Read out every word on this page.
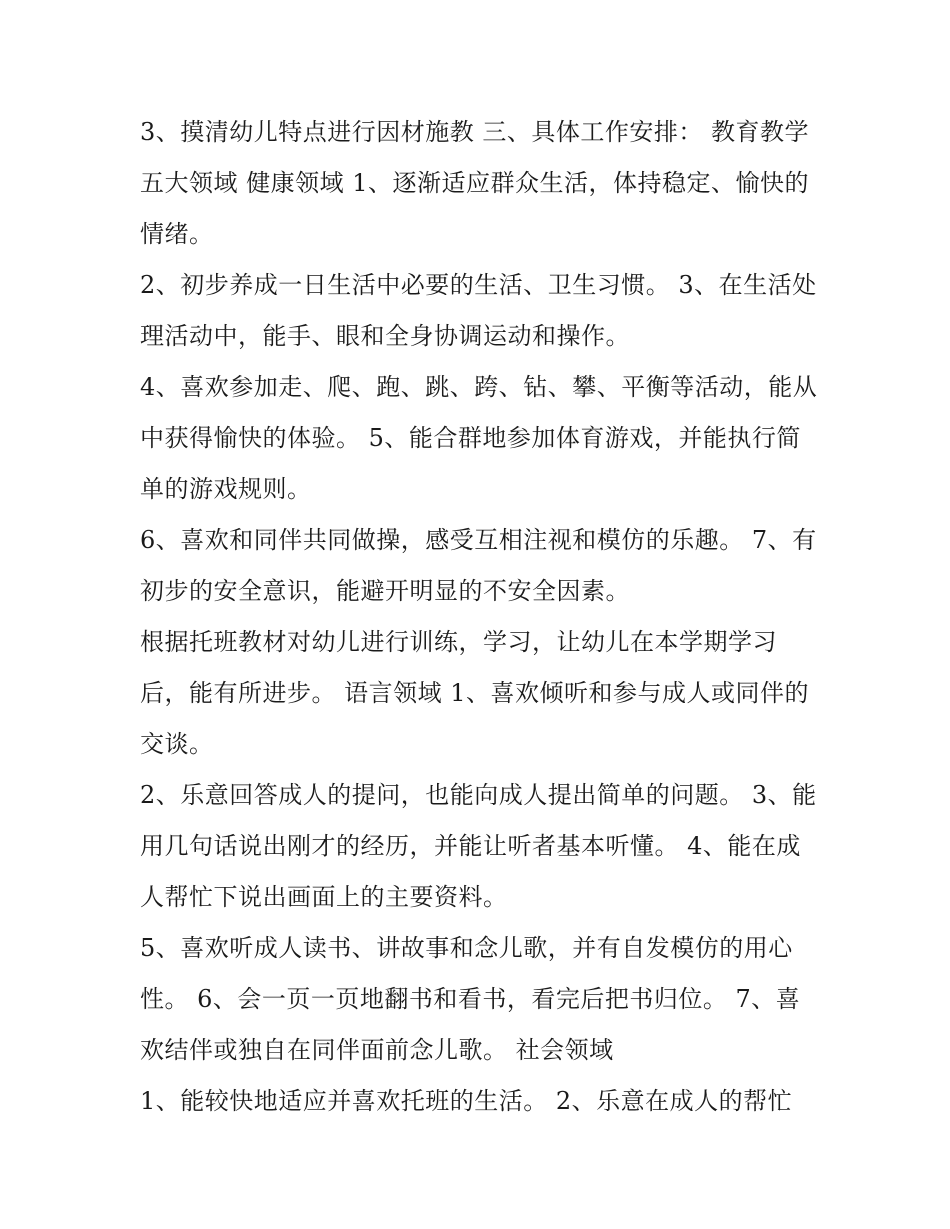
3、摸清幼儿特点进行因材施教 三、具体工作安排： 教育教学五大领域 健康领域 1、逐渐适应群众生活，体持稳定、愉快的情绪。

2、初步养成一日生活中必要的生活、卫生习惯。 3、在生活处理活动中，能手、眼和全身协调运动和操作。

4、喜欢参加走、爬、跑、跳、跨、钻、攀、平衡等活动，能从中获得愉快的体验。 5、能合群地参加体育游戏，并能执行简单的游戏规则。

6、喜欢和同伴共同做操，感受互相注视和模仿的乐趣。 7、有初步的安全意识，能避开明显的不安全因素。

根据托班教材对幼儿进行训练，学习，让幼儿在本学期学习后，能有所进步。 语言领域 1、喜欢倾听和参与成人或同伴的交谈。

2、乐意回答成人的提问，也能向成人提出简单的问题。 3、能用几句话说出刚才的经历，并能让听者基本听懂。 4、能在成人帮忙下说出画面上的主要资料。

5、喜欢听成人读书、讲故事和念儿歌，并有自发模仿的用心性。 6、会一页一页地翻书和看书，看完后把书归位。 7、喜欢结伴或独自在同伴面前念儿歌。 社会领域

1、能较快地适应并喜欢托班的生活。 2、乐意在成人的帮忙
